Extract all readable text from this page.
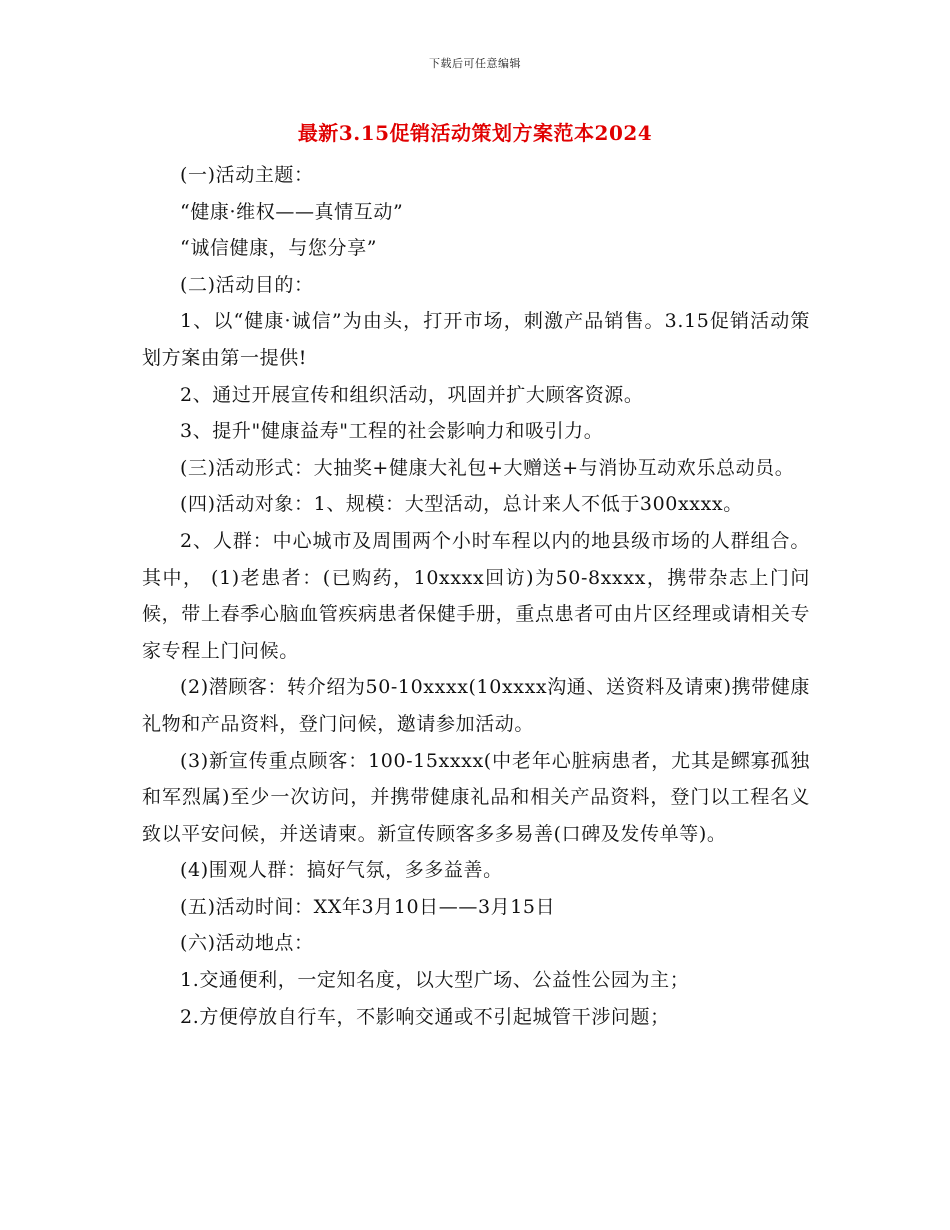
下载后可任意编辑
最新3.15促销活动策划方案范本2024

(一)活动主题：

“健康·维权——真情互动”

“诚信健康，与您分享”

(二)活动目的：

1、以“健康·诚信”为由头，打开市场，刺激产品销售。3.15促销活动策划方案由第一提供!

2、通过开展宣传和组织活动，巩固并扩大顾客资源。

3、提升"健康益寿"工程的社会影响力和吸引力。

(三)活动形式：大抽奖+健康大礼包+大赠送+与消协互动欢乐总动员。

(四)活动对象：1、规模：大型活动，总计来人不低于300xxxx。

2、人群：中心城市及周围两个小时车程以内的地县级市场的人群组合。其中， (1)老患者：(已购药，10xxxx回访)为50-8xxxx，携带杂志上门问候，带上春季心脑血管疾病患者保健手册，重点患者可由片区经理或请相关专家专程上门问候。

(2)潜顾客：转介绍为50-10xxxx(10xxxx沟通、送资料及请柬)携带健康礼物和产品资料，登门问候，邀请参加活动。

(3)新宣传重点顾客：100-15xxxx(中老年心脏病患者，尤其是鳏寡孤独和军烈属)至少一次访问，并携带健康礼品和相关产品资料，登门以工程名义致以平安问候，并送请柬。新宣传顾客多多易善(口碑及发传单等)。

(4)围观人群：搞好气氛，多多益善。

(五)活动时间：XX年3月10日——3月15日

(六)活动地点：

1.交通便利，一定知名度，以大型广场、公益性公园为主；

2.方便停放自行车，不影响交通或不引起城管干涉问题；
